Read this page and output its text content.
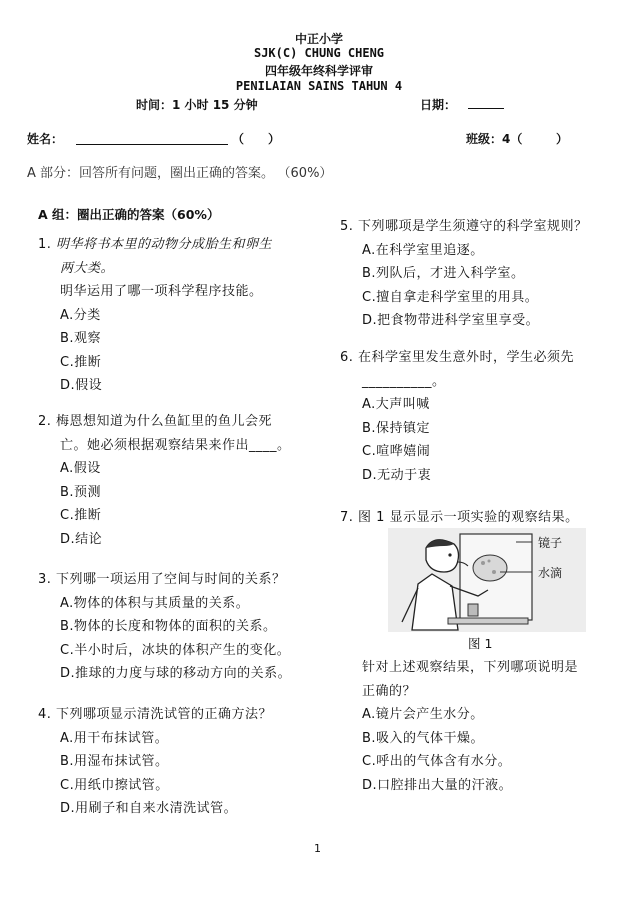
中正小学
SJK(C) CHUNG CHENG
四年级年终科学评审
PENILAIAN SAINS TAHUN 4
时间：1 小时 15 分钟	日期：
姓名：	（ ）	班级：4（	）
A 部分：回答所有问题，圈出正确的答案。 （60%）
A 组：圈出正确的答案（60%）
1. 明华将书本里的动物分成胎生和卵生
两大类。
明华运用了哪一项科学程序技能。
A.分类
B.观察
C.推断
D.假设
2. 梅恩想知道为什么鱼缸里的鱼儿会死
亡。她必须根据观察结果来作出____。
A.假设
B.预测
C.推断
D.结论
3. 下列哪一项运用了空间与时间的关系？
A.物体的体积与其质量的关系。
B.物体的长度和物体的面积的关系。
C.半小时后，冰块的体积产生的变化。
D.推球的力度与球的移动方向的关系。
4. 下列哪项显示清洗试管的正确方法？
A.用干布抹试管。
B.用湿布抹试管。
C.用纸巾擦试管。
D.用刷子和自来水清洗试管。
5. 下列哪项是学生须遵守的科学室规则？
A.在科学室里追逐。
B.列队后，才进入科学室。
C.擅自拿走科学室里的用具。
D.把食物带进科学室里享受。
6. 在科学室里发生意外时，学生必须先
__________。
A.大声叫喊
B.保持镇定
C.喧哗嬉闹
D.无动于衷
7. 图 1 显示显示一项实验的观察结果。
镜子
水滴
图 1
针对上述观察结果，下列哪项说明是
正确的？
A.镜片会产生水分。
B.吸入的气体干燥。
C.呼出的气体含有水分。
D.口腔排出大量的汗液。
1
